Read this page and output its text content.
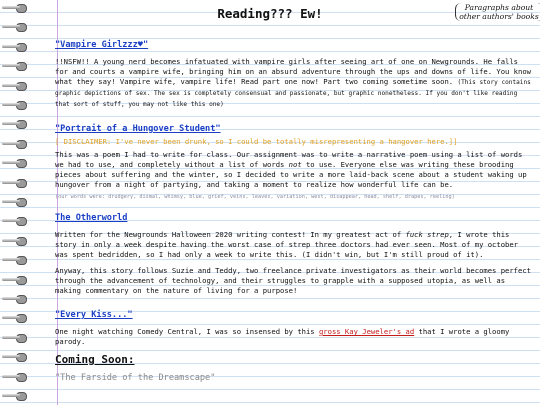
Reading??? Ew!	Paragraphs about other authors' books
"Vampire Girlzzz♥"

!!NSFW!! A young nerd becomes infatuated with vampire girls after seeing art of one on Newgrounds. He falls for and courts a vampire wife, bringing him on an absurd adventure through the ups and downs of life. You know what they say! Vampire wife, vampire life! Read part one now! Part two coming sometime soon. (This story contains graphic depictions of sex. The sex is completely consensual and passionate, but graphic nonetheless. If you don't like reading that sort of stuff, you may not like this one)

"Portrait of a Hungover Student"
[ DISCLAIMER: I've never been drunk, so I could be totally misrepresenting a hangover here.]]

This was a poem I had to write for class. Our assignment was to write a narrative poem using a list of words we had to use, and completely without a list of words not to use. Everyone else was writing these brooding pieces about suffering and the winter, so I decided to write a more laid-back scene about a student waking up hungover from a night of partying, and taking a moment to realize how wonderful life can be.

(our words were: drudgery, dismal, whimsy, blue, grief, veins, leaves, variation, west, disappear, head, shelf, drapes, reeling)
The Otherworld

Written for the Newgrounds Halloween 2020 writing contest! In my greatest act of fuck strep, I wrote this story in only a week despite having the worst case of strep three doctors had ever seen. Most of my october was spent bedridden, so I had only a week to write this. (I didn't win, but I'm still proud of it).

Anyway, this story follows Suzie and Teddy, two freelance private investigators as their world becomes perfect through the advancement of technology, and their struggles to grapple with a supposed utopia, as well as making commentary on the nature of living for a purpose!

"Every Kiss..."

One night watching Comedy Central, I was so insensed by this gross Kay Jeweler's ad that I wrote a gloomy parody.

Coming Soon:
"The Farside of the Dreamscape"
